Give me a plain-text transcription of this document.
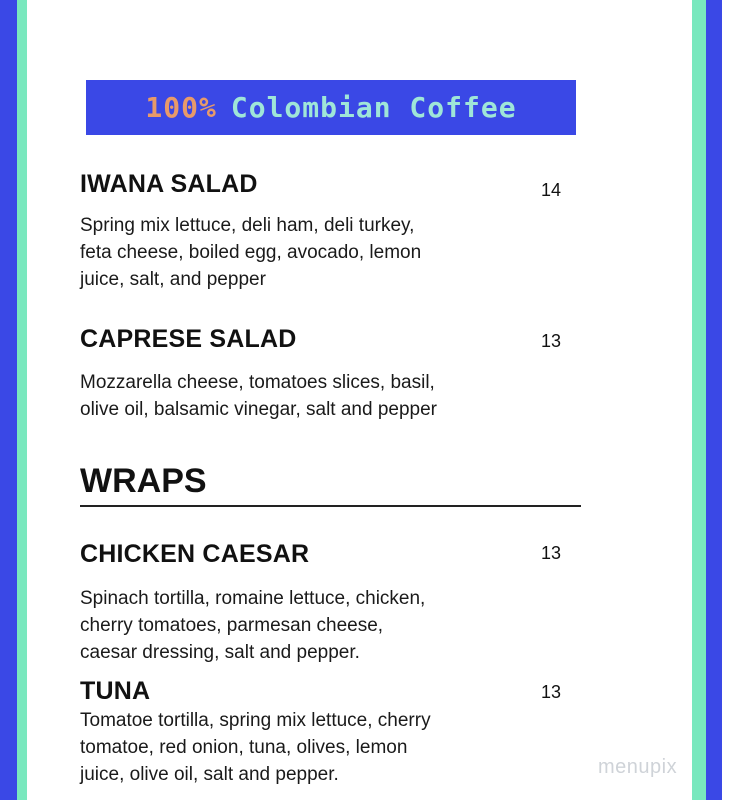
100% Colombian Coffee
IWANA SALAD	14
Spring mix lettuce, deli ham, deli turkey,
feta cheese, boiled egg, avocado, lemon
juice, salt, and pepper
CAPRESE SALAD	13
Mozzarella cheese, tomatoes slices, basil,
olive oil, balsamic vinegar, salt and pepper
WRAPS
CHICKEN CAESAR	13
Spinach tortilla, romaine lettuce, chicken,
cherry tomatoes, parmesan cheese,
caesar dressing, salt and pepper.
TUNA	13
Tomatoe tortilla, spring mix lettuce, cherry
tomatoe, red onion, tuna, olives, lemon
juice, olive oil, salt and pepper.	menupix
